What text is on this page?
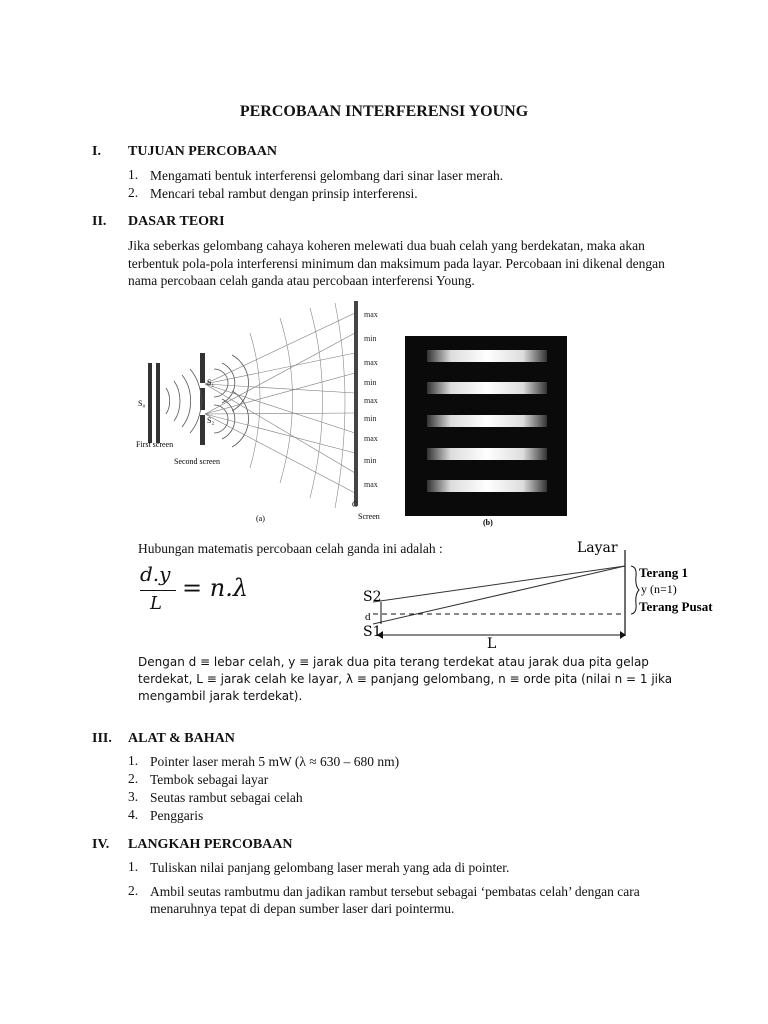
PERCOBAAN INTERFERENSI YOUNG
I. TUJUAN PERCOBAAN
1. Mengamati bentuk interferensi gelombang dari sinar laser merah.
2. Mencari tebal rambut dengan prinsip interferensi.
II. DASAR TEORI
Jika seberkas gelombang cahaya koheren melewati dua buah celah yang berdekatan, maka akan terbentuk pola-pola interferensi minimum dan maksimum pada layar. Percobaan ini dikenal dengan nama percobaan celah ganda atau percobaan interferensi Young.
max
min
max
min
max
min
max
min
max
S₀
S₁
S₂
First screen
Second screen
C
Screen
(a)	(b)
Hubungan matematis percobaan celah ganda ini adalah :
d.y
L
= n.λ
Layar
Terang 1
y (n=1)
Terang Pusat
S2
S1
d
L
Dengan d ≡ lebar celah, y ≡ jarak dua pita terang terdekat atau jarak dua pita gelap terdekat, L ≡ jarak celah ke layar, λ ≡ panjang gelombang, n ≡ orde pita (nilai n = 1 jika mengambil jarak terdekat).
III. ALAT & BAHAN
1. Pointer laser merah 5 mW (λ ≈ 630 – 680 nm)
2. Tembok sebagai layar
3. Seutas rambut sebagai celah
4. Penggaris
IV. LANGKAH PERCOBAAN
1. Tuliskan nilai panjang gelombang laser merah yang ada di pointer.
2. Ambil seutas rambutmu dan jadikan rambut tersebut sebagai ‘pembatas celah’ dengan cara menaruhnya tepat di depan sumber laser dari pointermu.
